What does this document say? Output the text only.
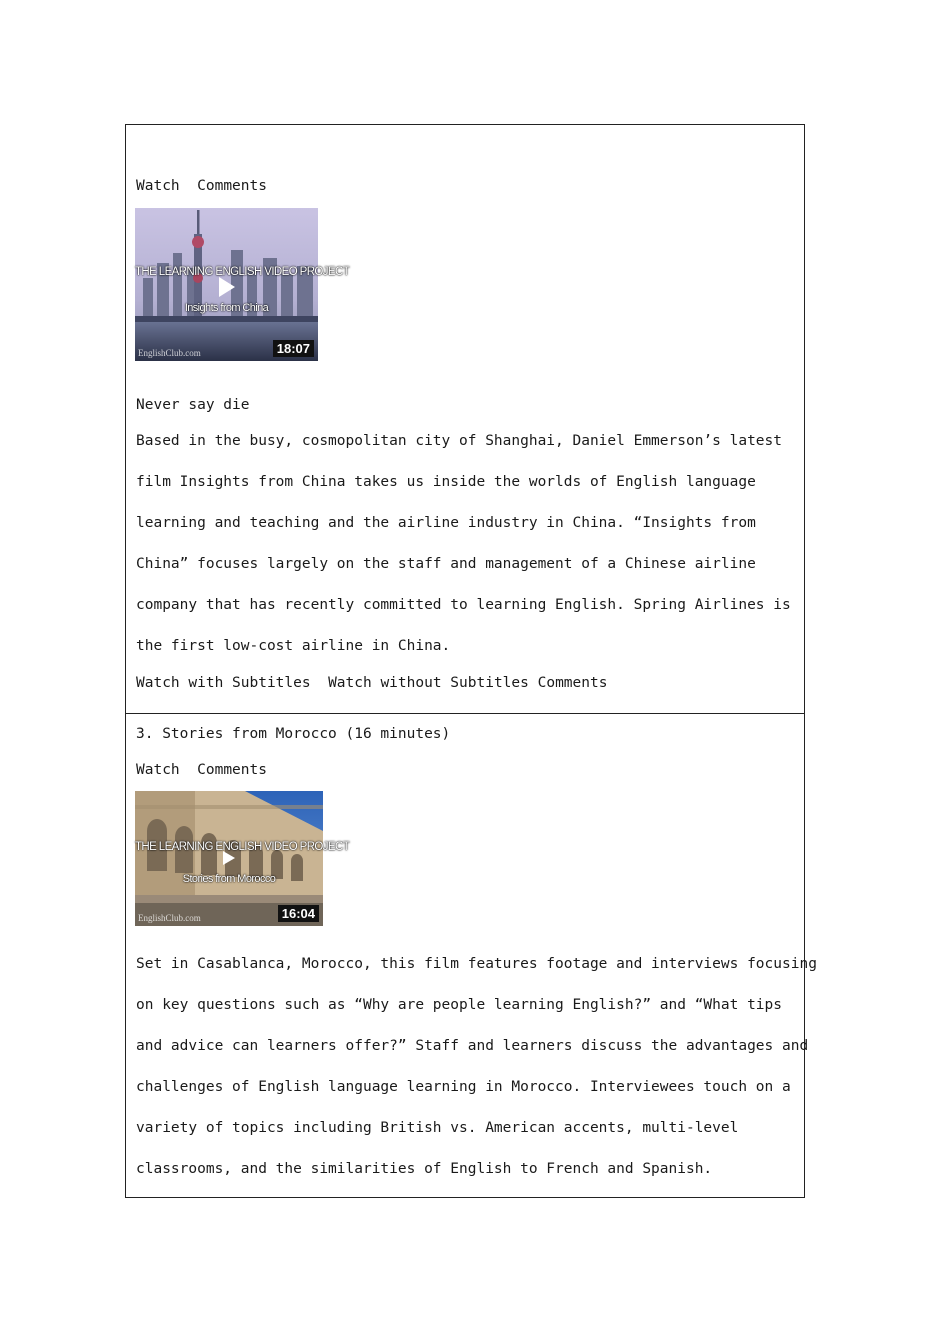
Watch Comments
THE LEARNING ENGLISH VIDEO PROJECT
Insights from China
EnglishClub.com	18:07
Never say die
Based in the busy, cosmopolitan city of Shanghai, Daniel Emmerson’s latest
film Insights from China takes us inside the worlds of English language
learning and teaching and the airline industry in China. “Insights from
China” focuses largely on the staff and management of a Chinese airline
company that has recently committed to learning English. Spring Airlines is
the first low-cost airline in China.
Watch with Subtitles Watch without Subtitles Comments
3. Stories from Morocco (16 minutes)
Watch Comments
THE LEARNING ENGLISH VIDEO PROJECT
Stories from Morocco
EnglishClub.com	16:04
Set in Casablanca, Morocco, this film features footage and interviews focusing
on key questions such as “Why are people learning English?” and “What tips
and advice can learners offer?” Staff and learners discuss the advantages and
challenges of English language learning in Morocco. Interviewees touch on a
variety of topics including British vs. American accents, multi-level
classrooms, and the similarities of English to French and Spanish.
